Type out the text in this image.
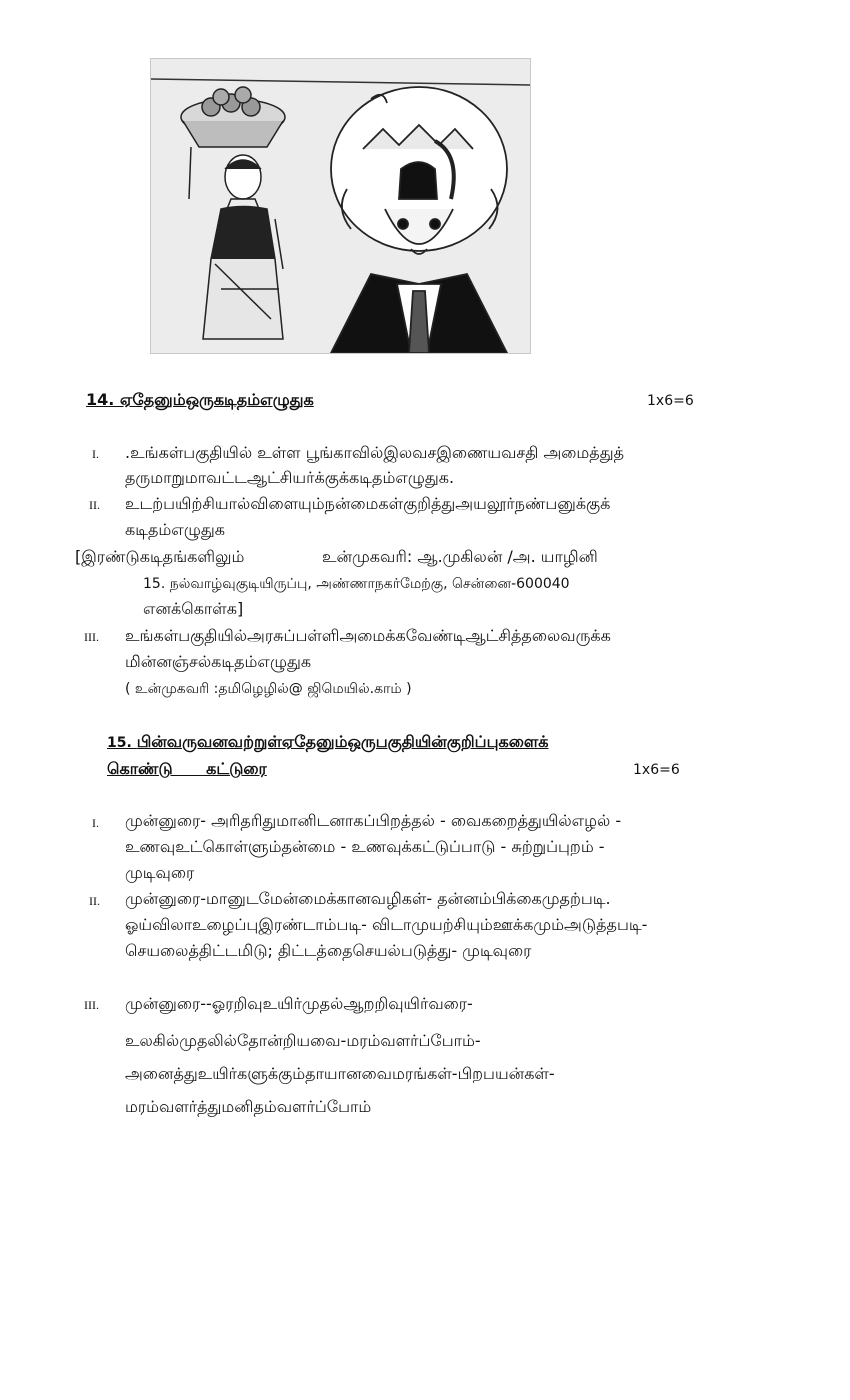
14. ஏதேனும்ஒருகடிதம்எழுதுக	1x6=6
I. .உங்கள்பகுதியில் உள்ள பூங்காவில்இலவசஇணையவசதி அமைத்துத்
தருமாறுமாவட்டஆட்சியர்க்குக்கடிதம்எழுதுக.
II. உடற்பயிற்சியால்விளையும்நன்மைகள்குறித்துஅயலூர்நண்பனுக்குக்
கடிதம்எழுதுக
[இரண்டுகடிதங்களிலும்	உன்முகவரி: ஆ.முகிலன் /அ. யாழினி
15. நல்வாழ்வுகுடியிருப்பு, அண்ணாநகர்மேற்கு, சென்னை-600040
எனக்கொள்க]
III. உங்கள்பகுதியில்அரசுப்பள்ளிஅமைக்கவேண்டிஆட்சித்தலைவருக்க
மின்னஞ்சல்கடிதம்எழுதுக
( உன்முகவரி :தமிழெழில்@ ஜிமெயில்.காம் )
15. பின்வருவனவற்றுள்ஏதேனும்ஒருபகுதியின்குறிப்புகளைக்
கொண்டு      கட்டுரை	1x6=6
I. முன்னுரை- அரிதரிதுமானிடனாகப்பிறத்தல் - வைகறைத்துயில்எழல் -
உணவுஉட்கொள்ளும்தன்மை - உணவுக்கட்டுப்பாடு - சுற்றுப்புறம் -
முடிவுரை
II. முன்னுரை-மானுடமேன்மைக்கானவழிகள்- தன்னம்பிக்கைமுதற்படி.
ஓய்விலாஉழைப்புஇரண்டாம்படி- விடாமுயற்சியும்ஊக்கமும்அடுத்தபடி-
செயலைத்திட்டமிடு; திட்டத்தைசெயல்படுத்து- முடிவுரை
III. முன்னுரை--ஓரறிவுஉயிர்முதல்ஆறறிவுயிர்வரை-
உலகில்முதலில்தோன்றியவை-மரம்வளர்ப்போம்-
அனைத்துஉயிர்களுக்கும்தாயானவைமரங்கள்-பிறபயன்கள்-
மரம்வளர்த்துமனிதம்வளர்ப்போம்
